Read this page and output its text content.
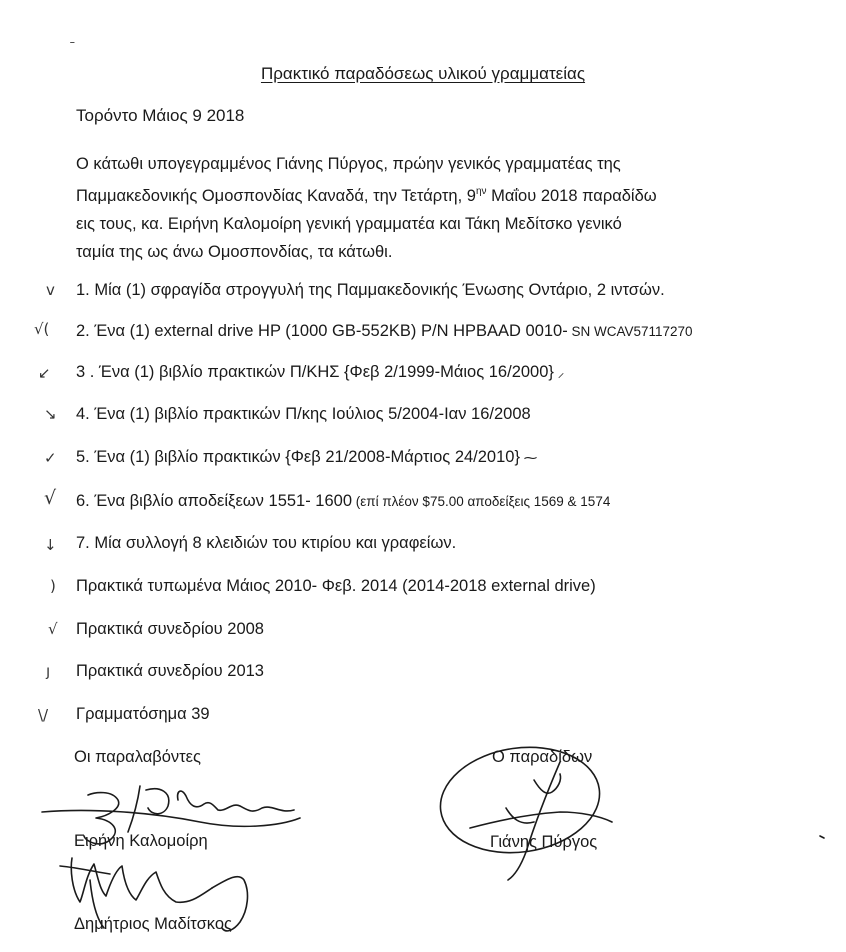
˗
Πρακτικό παραδόσεως υλικού γραμματείας
Τορόντο Μάιος 9 2018
Ο κάτωθι υπογεγραμμένος Γιάνης Πύργος, πρώην γενικός γραμματέας της
Παμμακεδονικής Ομοσπονδίας Καναδά, την Τετάρτη, $9^{\eta\nu}$ Μαΐου 2018 παραδίδω
εις τους, κα. Ειρήνη Καλομοίρη γενική γραμματέα και Τάκη Μεδίτσκο γενικό
ταμία της ως άνω Ομοσπονδίας, τα κάτωθι.
v 1. Μία (1) σφραγίδα στρογγυλή της Παμμακεδονικής Ένωσης Οντάριο, 2 ιντσών.
√( 2. Ένα (1) external drive HP (1000 GB-552KB) P/N HPBAAD 0010- SN WCAV57117270
↙ 3 . Ένα (1) βιβλίο πρακτικών Π/ΚΗΣ {Φεβ 2/1999-Μάιος 16/2000} ⸝
↘ 4. Ένα (1) βιβλίο πρακτικών Π/κης Ιούλιος 5/2004-Ιαν 16/2008
✓ 5. Ένα (1) βιβλίο πρακτικών {Φεβ 21/2008-Μάρτιος 24/2010} ⁓
√ 6. Ένα βιβλίο αποδείξεων 1551- 1600 (επί πλέον $75.00 αποδείξεις 1569 & 1574
↓ 7. Μία συλλογή 8 κλειδιών του κτιρίου και γραφείων.
) Πρακτικά τυπωμένα Μάιος 2010- Φεβ. 2014 (2014-2018 external drive)
√ Πρακτικά συνεδρίου 2008
ȷ Πρακτικά συνεδρίου 2013
\/ Γραμματόσημα 39
Οι παραλαβόντες	Ο παραδίδων
Ειρήνη Καλομοίρη	Γιάνης Πύργος
Δημήτριος Μαδίτσκος
